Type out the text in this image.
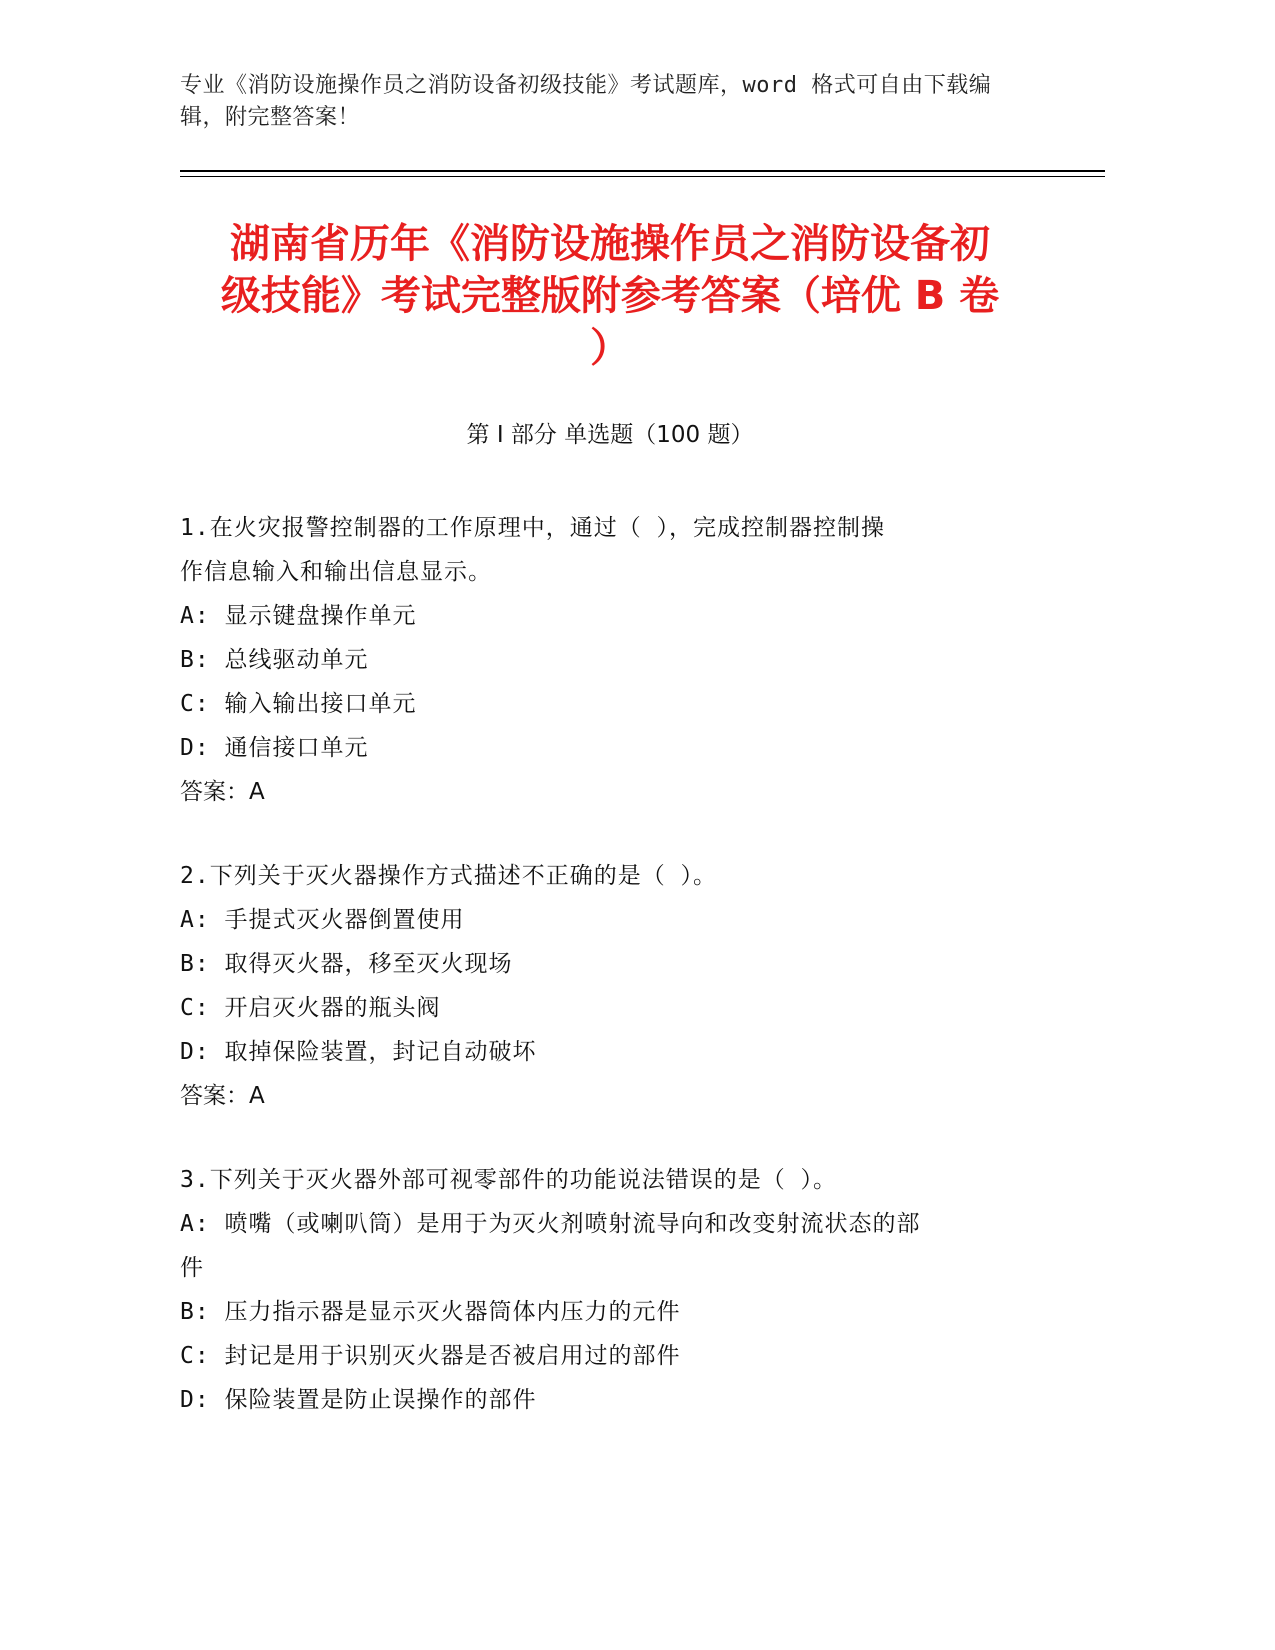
专业《消防设施操作员之消防设备初级技能》考试题库，word 格式可自由下载编
辑，附完整答案！
湖南省历年《消防设施操作员之消防设备初
级技能》考试完整版附参考答案（培优 B 卷
）
第 I 部分 单选题（100 题）
1.在火灾报警控制器的工作原理中，通过（ ），完成控制器控制操
作信息输入和输出信息显示。
A: 显示键盘操作单元
B: 总线驱动单元
C: 输入输出接口单元
D: 通信接口单元
答案：A
2.下列关于灭火器操作方式描述不正确的是（ ）。
A: 手提式灭火器倒置使用
B: 取得灭火器，移至灭火现场
C: 开启灭火器的瓶头阀
D: 取掉保险装置，封记自动破坏
答案：A
3.下列关于灭火器外部可视零部件的功能说法错误的是（ ）。
A: 喷嘴（或喇叭筒）是用于为灭火剂喷射流导向和改变射流状态的部
件
B: 压力指示器是显示灭火器筒体内压力的元件
C: 封记是用于识别灭火器是否被启用过的部件
D: 保险装置是防止误操作的部件
